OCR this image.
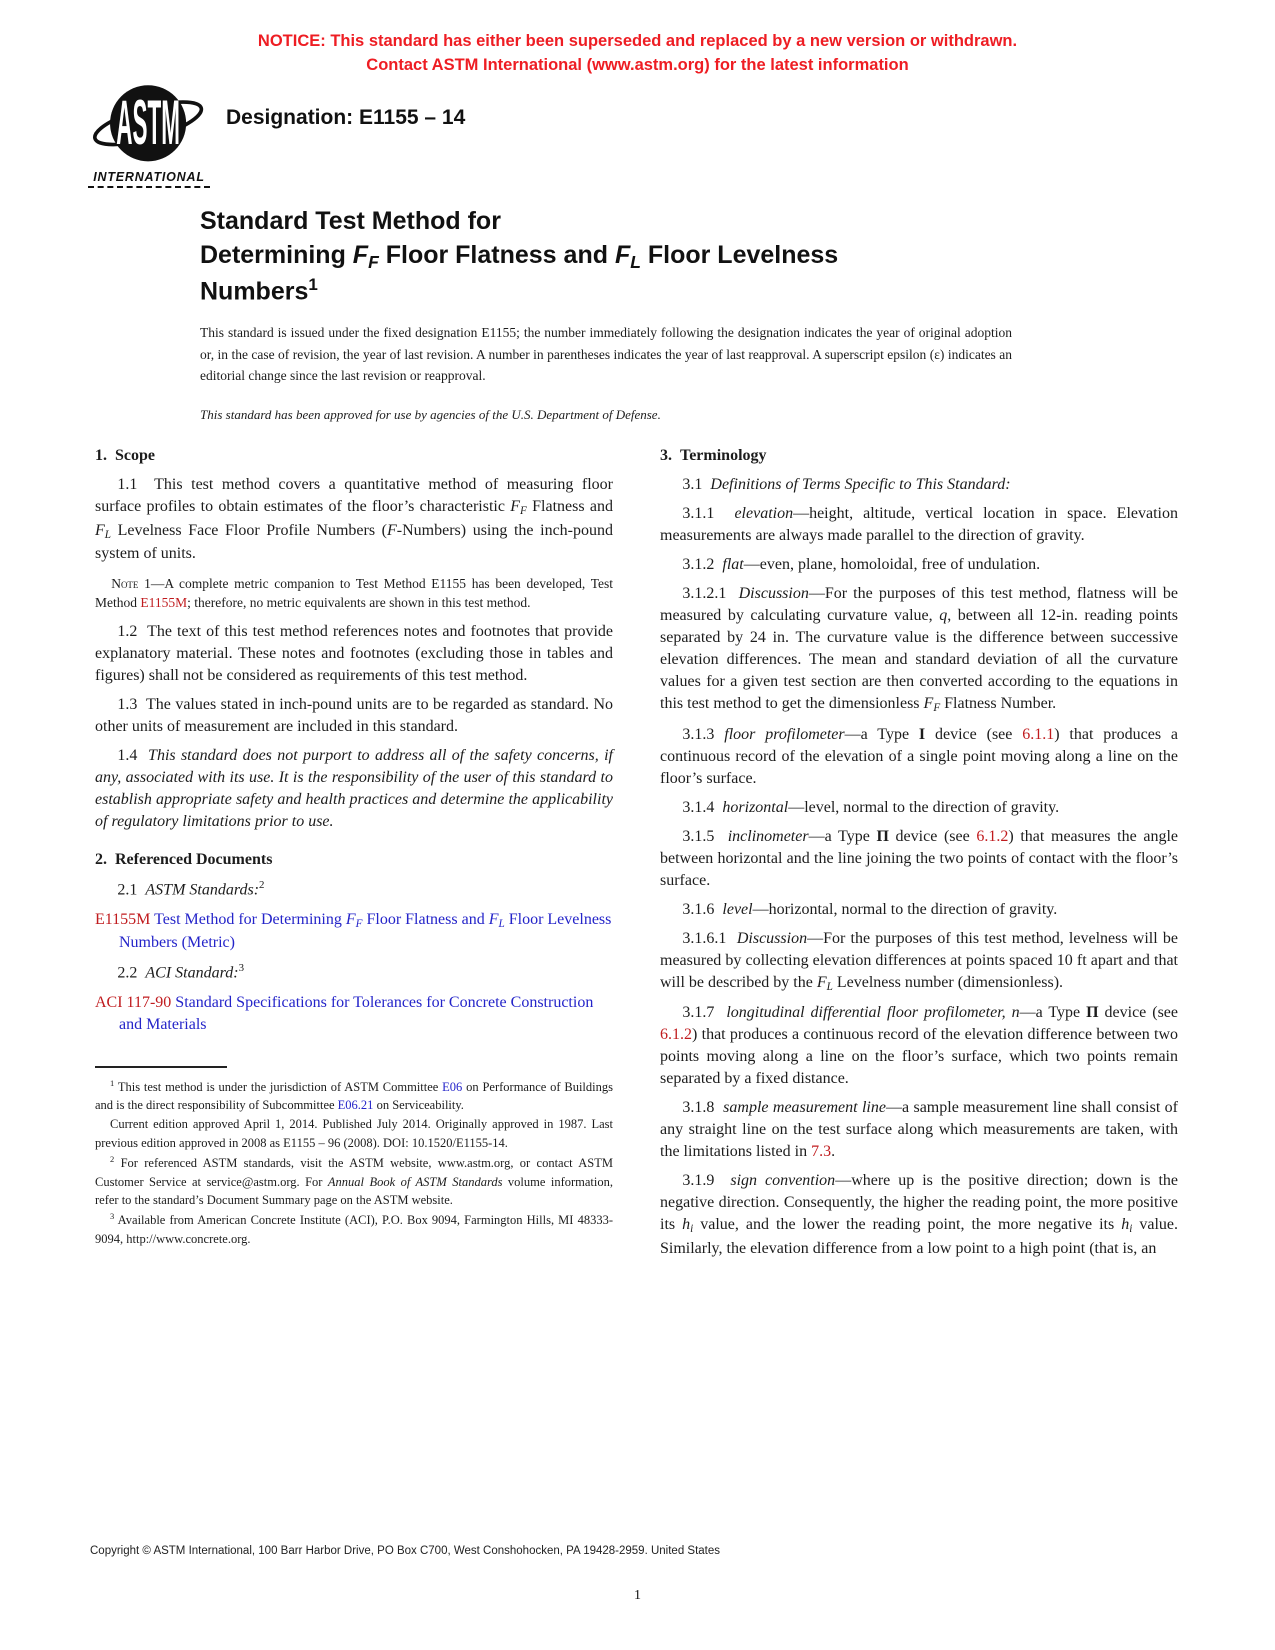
NOTICE: This standard has either been superseded and replaced by a new version or withdrawn.
Contact ASTM International (www.astm.org) for the latest information
ASTM
INTERNATIONAL
Designation: E1155 – 14
Standard Test Method for
Determining FF Floor Flatness and FL Floor Levelness
Numbers$^1$

This standard is issued under the fixed designation E1155; the number immediately following the designation indicates the year of original adoption or, in the case of revision, the year of last revision. A number in parentheses indicates the year of last reapproval. A superscript epsilon (ε) indicates an editorial change since the last revision or reapproval.

This standard has been approved for use by agencies of the U.S. Department of Defense.

1.  Scope
1.1  This test method covers a quantitative method of measuring floor surface profiles to obtain estimates of the floor’s characteristic FF Flatness and FL Levelness Face Floor Profile Numbers (F-Numbers) using the inch-pound system of units.
Note 1—A complete metric companion to Test Method E1155 has been developed, Test Method E1155M; therefore, no metric equivalents are shown in this test method.
1.2  The text of this test method references notes and footnotes that provide explanatory material. These notes and footnotes (excluding those in tables and figures) shall not be considered as requirements of this test method.
1.3  The values stated in inch-pound units are to be regarded as standard. No other units of measurement are included in this standard.
1.4  This standard does not purport to address all of the safety concerns, if any, associated with its use. It is the responsibility of the user of this standard to establish appropriate safety and health practices and determine the applicability of regulatory limitations prior to use.
2.  Referenced Documents
2.1  ASTM Standards:$^2$
E1155M Test Method for Determining FF Floor Flatness and FL Floor Levelness Numbers (Metric)
2.2  ACI Standard:$^3$
ACI 117-90 Standard Specifications for Tolerances for Concrete Construction and Materials
$^1$ This test method is under the jurisdiction of ASTM Committee E06 on Performance of Buildings and is the direct responsibility of Subcommittee E06.21 on Serviceability.
Current edition approved April 1, 2014. Published July 2014. Originally approved in 1987. Last previous edition approved in 2008 as E1155 – 96 (2008). DOI: 10.1520/E1155-14.
$^2$ For referenced ASTM standards, visit the ASTM website, www.astm.org, or contact ASTM Customer Service at service@astm.org. For Annual Book of ASTM Standards volume information, refer to the standard’s Document Summary page on the ASTM website.
$^3$ Available from American Concrete Institute (ACI), P.O. Box 9094, Farmington Hills, MI 48333-9094, http://www.concrete.org.
3.  Terminology
3.1  Definitions of Terms Specific to This Standard:
3.1.1  elevation—height, altitude, vertical location in space. Elevation measurements are always made parallel to the direction of gravity.
3.1.2  flat—even, plane, homoloidal, free of undulation.
3.1.2.1  Discussion—For the purposes of this test method, flatness will be measured by calculating curvature value, q, between all 12-in. reading points separated by 24 in. The curvature value is the difference between successive elevation differences. The mean and standard deviation of all the curvature values for a given test section are then converted according to the equations in this test method to get the dimensionless FF Flatness Number.
3.1.3 floor profilometer—a Type I device (see 6.1.1) that produces a continuous record of the elevation of a single point moving along a line on the floor’s surface.
3.1.4  horizontal—level, normal to the direction of gravity.
3.1.5  inclinometer—a Type Π device (see 6.1.2) that measures the angle between horizontal and the line joining the two points of contact with the floor’s surface.
3.1.6  level—horizontal, normal to the direction of gravity.
3.1.6.1  Discussion—For the purposes of this test method, levelness will be measured by collecting elevation differences at points spaced 10 ft apart and that will be described by the FL Levelness number (dimensionless).
3.1.7  longitudinal differential floor profilometer, n—a Type Π device (see 6.1.2) that produces a continuous record of the elevation difference between two points moving along a line on the floor’s surface, which two points remain separated by a fixed distance.
3.1.8  sample measurement line—a sample measurement line shall consist of any straight line on the test surface along which measurements are taken, with the limitations listed in 7.3.
3.1.9  sign convention—where up is the positive direction; down is the negative direction. Consequently, the higher the reading point, the more positive its hi value, and the lower the reading point, the more negative its hi value. Similarly, the elevation difference from a low point to a high point (that is, an
Copyright © ASTM International, 100 Barr Harbor Drive, PO Box C700, West Conshohocken, PA 19428-2959. United States
1
